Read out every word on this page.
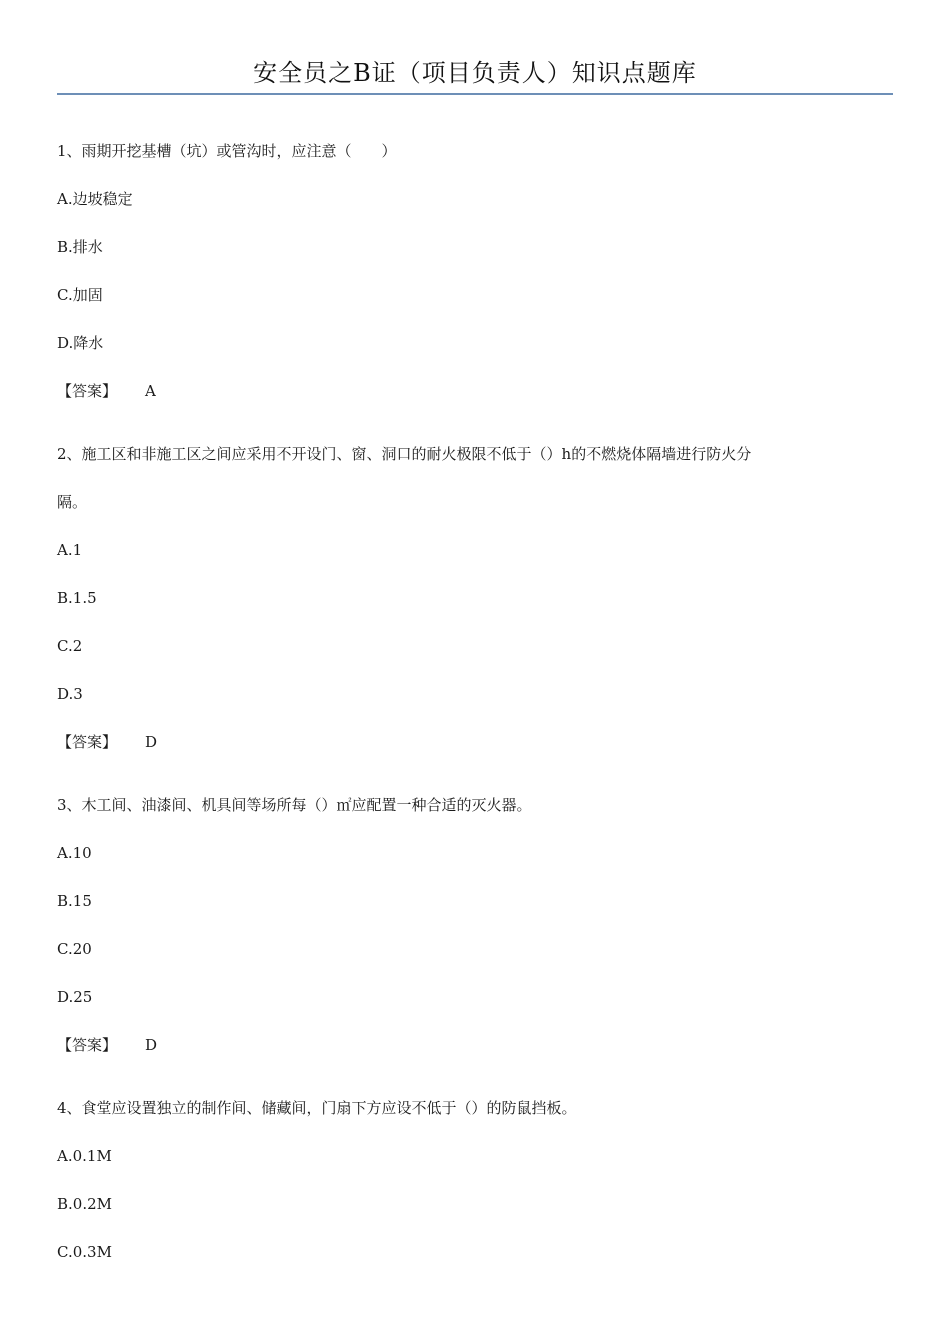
安全员之B证（项目负责人）知识点题库
1、雨期开挖基槽（坑）或管沟时，应注意（　　）
A.边坡稳定
B.排水
C.加固
D.降水
【答案】 A
2、施工区和非施工区之间应采用不开设门、窗、洞口的耐火极限不低于（）h的不燃烧体隔墙进行防火分
隔。
A.1
B.1.5
C.2
D.3
【答案】 D
3、木工间、油漆间、机具间等场所每（）㎡应配置一种合适的灭火器。
A.10
B.15
C.20
D.25
【答案】 D
4、食堂应设置独立的制作间、储藏间，门扇下方应设不低于（）的防鼠挡板。
A.0.1M
B.0.2M
C.0.3M
